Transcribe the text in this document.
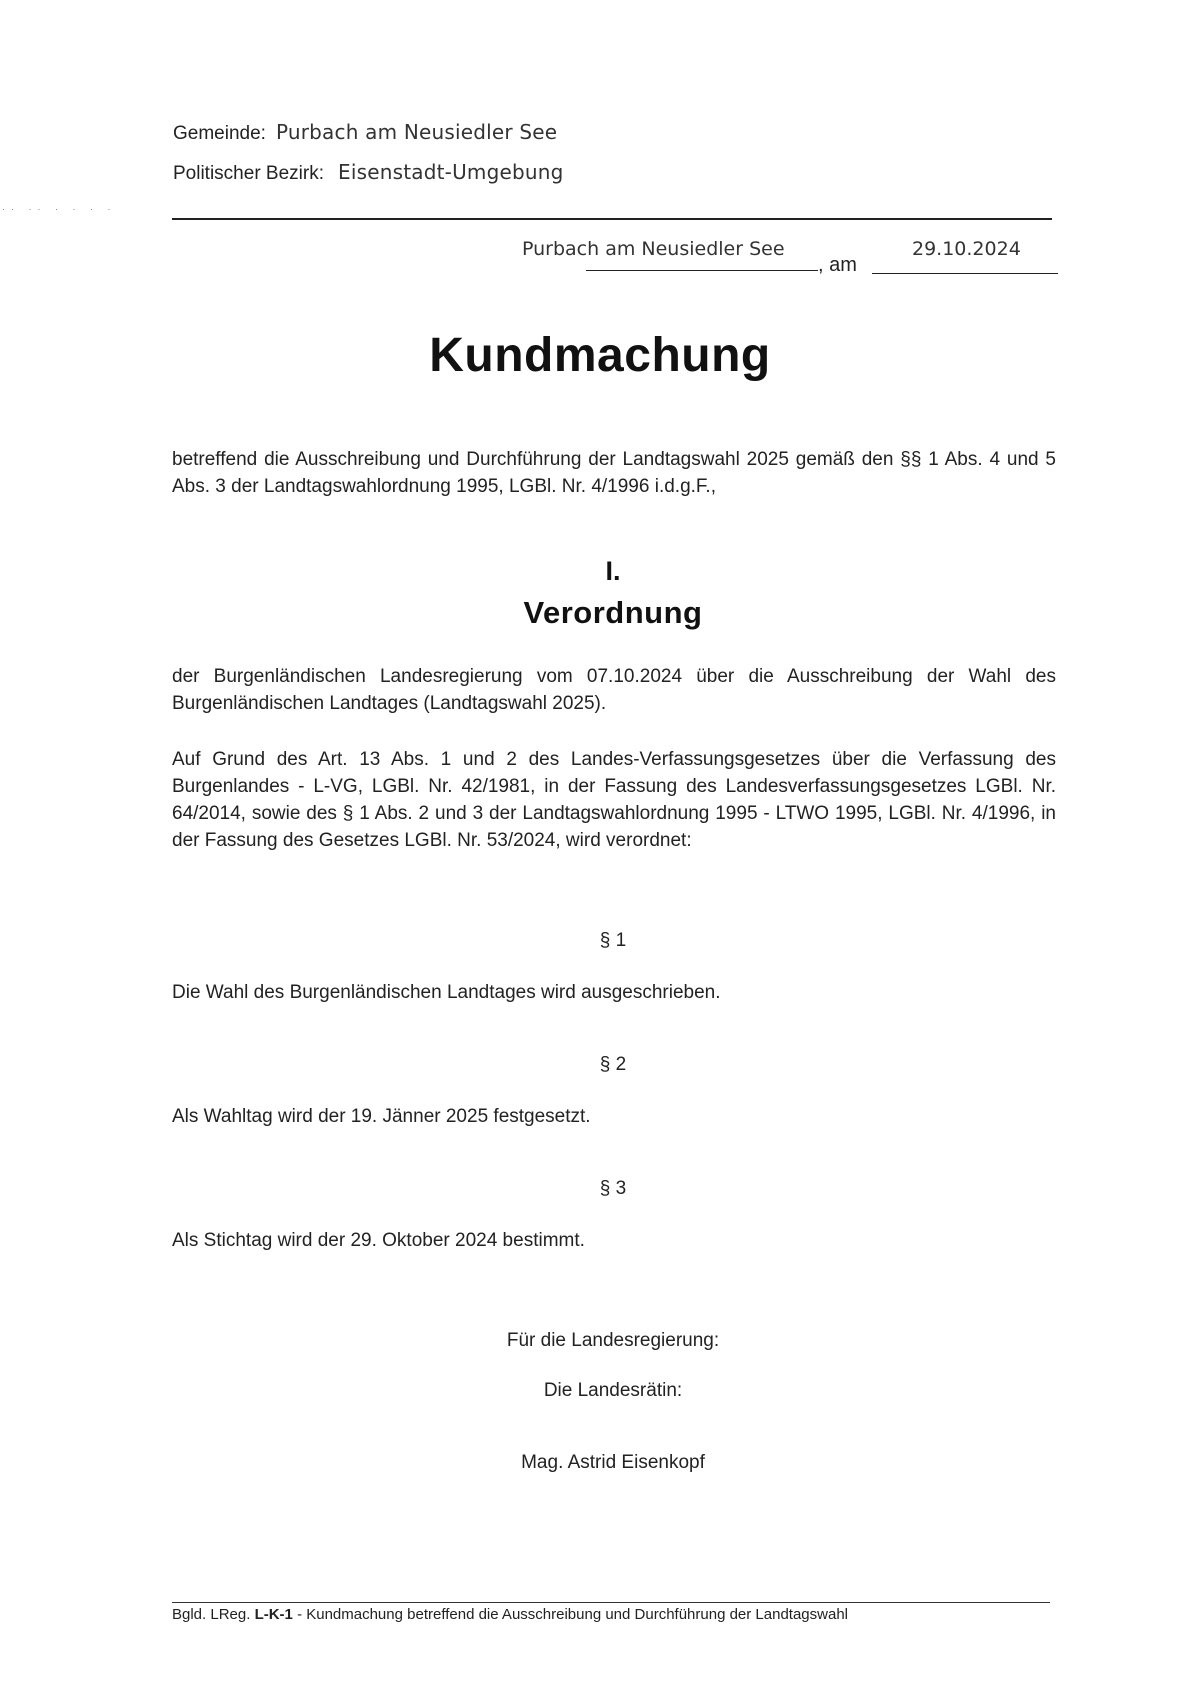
·· ·· · · · ·
Gemeinde: Purbach am Neusiedler See
Politischer Bezirk: Eisenstadt-Umgebung
Purbach am Neusiedler See
, am
29.10.2024
Kundmachung
betreffend die Ausschreibung und Durchführung der Landtagswahl 2025 gemäß den §§ 1 Abs. 4 und 5 Abs. 3 der Landtagswahlordnung 1995, LGBl. Nr. 4/1996 i.d.g.F.,
I.
Verordnung
der Burgenländischen Landesregierung vom 07.10.2024 über die Ausschreibung der Wahl des Burgenländischen Landtages (Landtagswahl 2025).
Auf Grund des Art. 13 Abs. 1 und 2 des Landes-Verfassungsgesetzes über die Verfassung des Burgenlandes - L-VG, LGBl. Nr. 42/1981, in der Fassung des Landesverfassungsgesetzes LGBl. Nr. 64/2014, sowie des § 1 Abs. 2 und 3 der Landtagswahlordnung 1995 - LTWO 1995, LGBl. Nr. 4/1996, in der Fassung des Gesetzes LGBl. Nr. 53/2024, wird verordnet:
§ 1
Die Wahl des Burgenländischen Landtages wird ausgeschrieben.
§ 2
Als Wahltag wird der 19. Jänner 2025 festgesetzt.
§ 3
Als Stichtag wird der 29. Oktober 2024 bestimmt.
Für die Landesregierung:
Die Landesrätin:
Mag. Astrid Eisenkopf
Bgld. LReg. L-K-1 - Kundmachung betreffend die Ausschreibung und Durchführung der Landtagswahl
